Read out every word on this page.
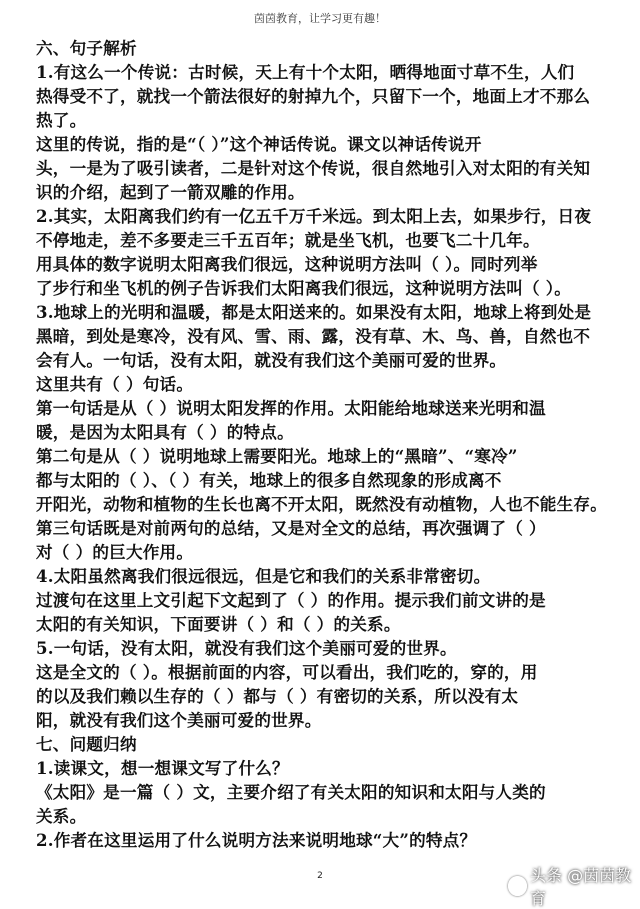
茵茵教育，让学习更有趣！
六、句子解析
1.有这么一个传说：古时候，天上有十个太阳，晒得地面寸草不生，人们
热得受不了，就找一个箭法很好的射掉九个，只留下一个，地面上才不那么
热了。
这里的传说，指的是“（ ）”这个神话传说。课文以神话传说开
头，一是为了吸引读者，二是针对这个传说，很自然地引入对太阳的有关知
识的介绍，起到了一箭双雕的作用。
2.其实，太阳离我们约有一亿五千万千米远。到太阳上去，如果步行，日夜
不停地走，差不多要走三千五百年；就是坐飞机，也要飞二十几年。
用具体的数字说明太阳离我们很远，这种说明方法叫（ ）。同时列举
了步行和坐飞机的例子告诉我们太阳离我们很远，这种说明方法叫（ ）。
3.地球上的光明和温暖，都是太阳送来的。如果没有太阳，地球上将到处是
黑暗，到处是寒冷，没有风、雪、雨、露，没有草、木、鸟、兽，自然也不
会有人。一句话，没有太阳，就没有我们这个美丽可爱的世界。
这里共有（ ）句话。
第一句话是从（ ）说明太阳发挥的作用。太阳能给地球送来光明和温
暖，是因为太阳具有（ ）的特点。
第二句是从（ ）说明地球上需要阳光。地球上的“黑暗”、“寒冷”
都与太阳的（ ）、（ ）有关，地球上的很多自然现象的形成离不
开阳光，动物和植物的生长也离不开太阳，既然没有动植物，人也不能生存。
第三句话既是对前两句的总结，又是对全文的总结，再次强调了（ ）
对（ ）的巨大作用。
4.太阳虽然离我们很远很远，但是它和我们的关系非常密切。
过渡句在这里上文引起下文起到了（ ）的作用。提示我们前文讲的是
太阳的有关知识，下面要讲（ ）和（ ）的关系。
5.一句话，没有太阳，就没有我们这个美丽可爱的世界。
这是全文的（ ）。根据前面的内容，可以看出，我们吃的，穿的，用
的以及我们赖以生存的（ ）都与（ ）有密切的关系，所以没有太
阳，就没有我们这个美丽可爱的世界。
七、问题归纳
1.读课文，想一想课文写了什么？
《太阳》是一篇（ ）文，主要介绍了有关太阳的知识和太阳与人类的
关系。
2.作者在这里运用了什么说明方法来说明地球“大”的特点？
2	头条 @茵茵教育
